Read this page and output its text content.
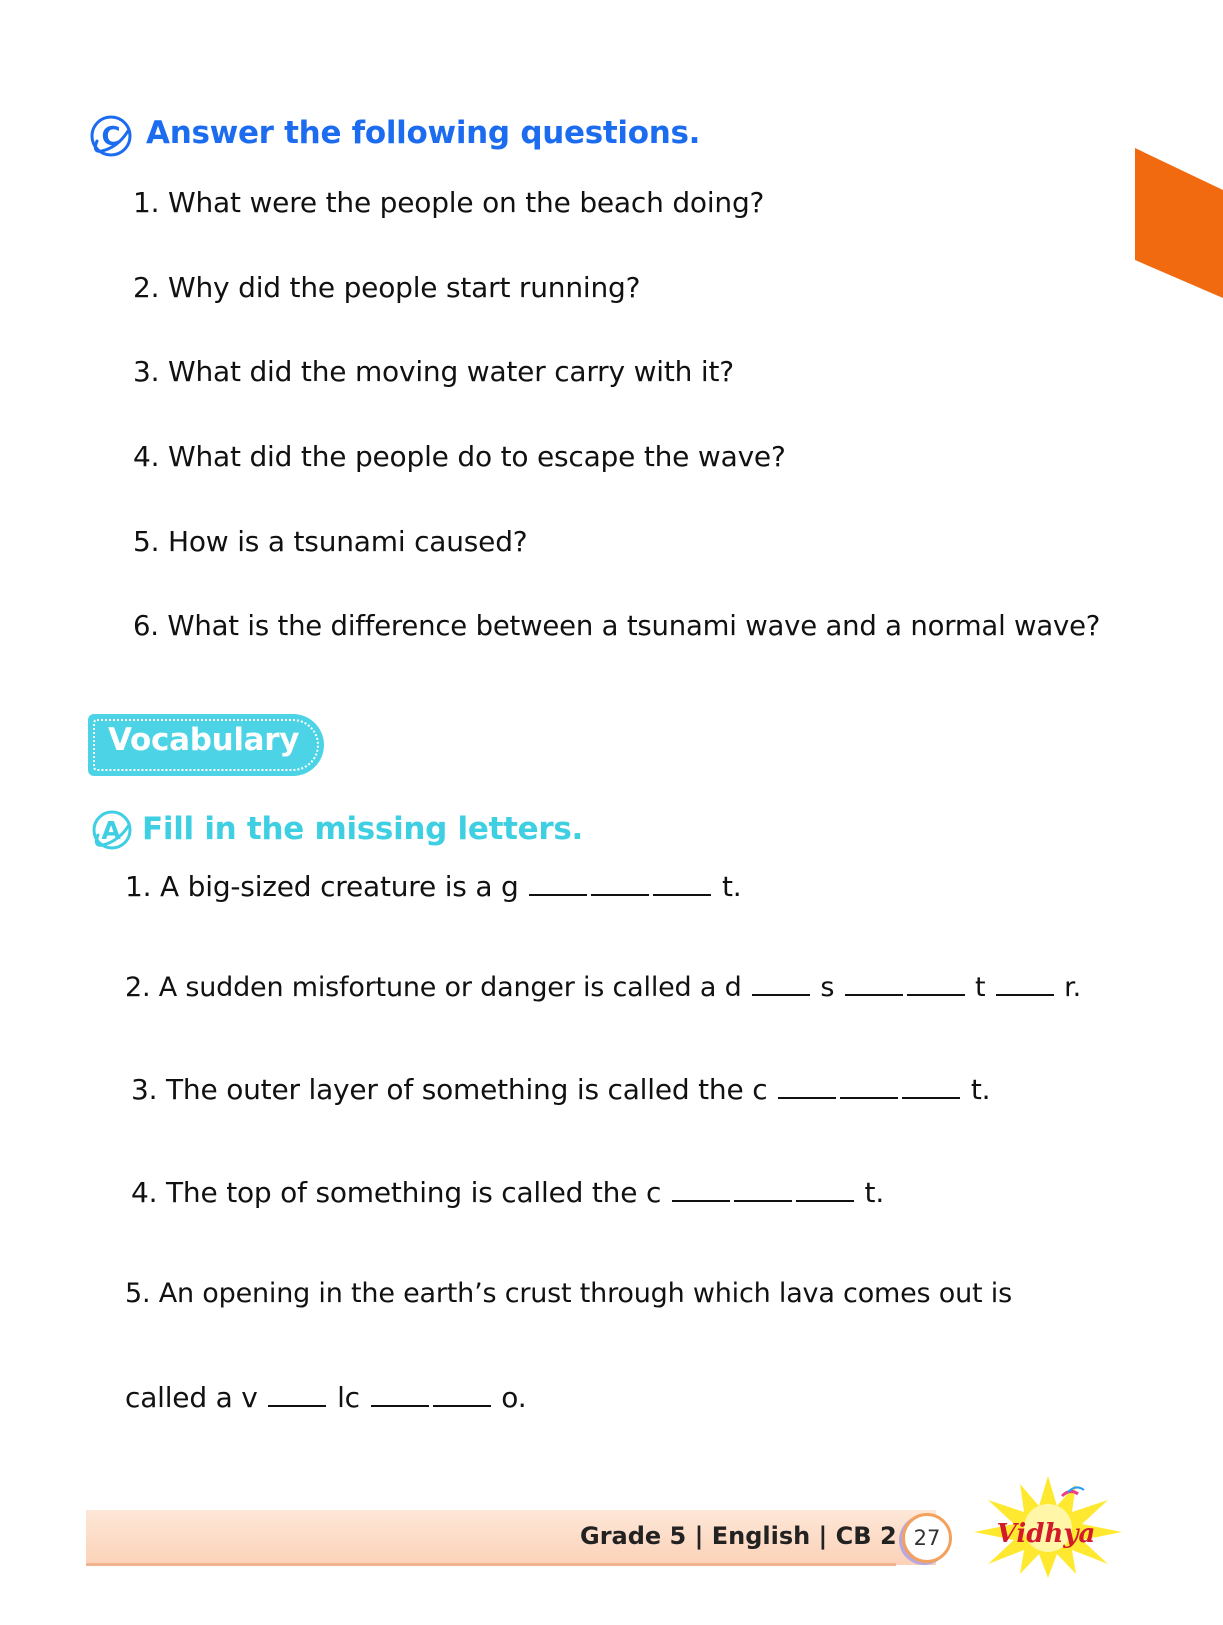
C Answer the following questions.
1. What were the people on the beach doing?
2. Why did the people start running?
3. What did the moving water carry with it?
4. What did the people do to escape the wave?
5. How is a tsunami caused?
6. What is the difference between a tsunami wave and a normal wave?
Vocabulary
A Fill in the missing letters.
1. A big-sized creature is a g	t.
2. A sudden misfortune or danger is called a d	s	t	r.
3. The outer layer of something is called the c	t.
4. The top of something is called the c	t.
5. An opening in the earth’s crust through which lava comes out is
called a v	lc	o.
Grade 5 | English | CB 2 27	Vidhya
